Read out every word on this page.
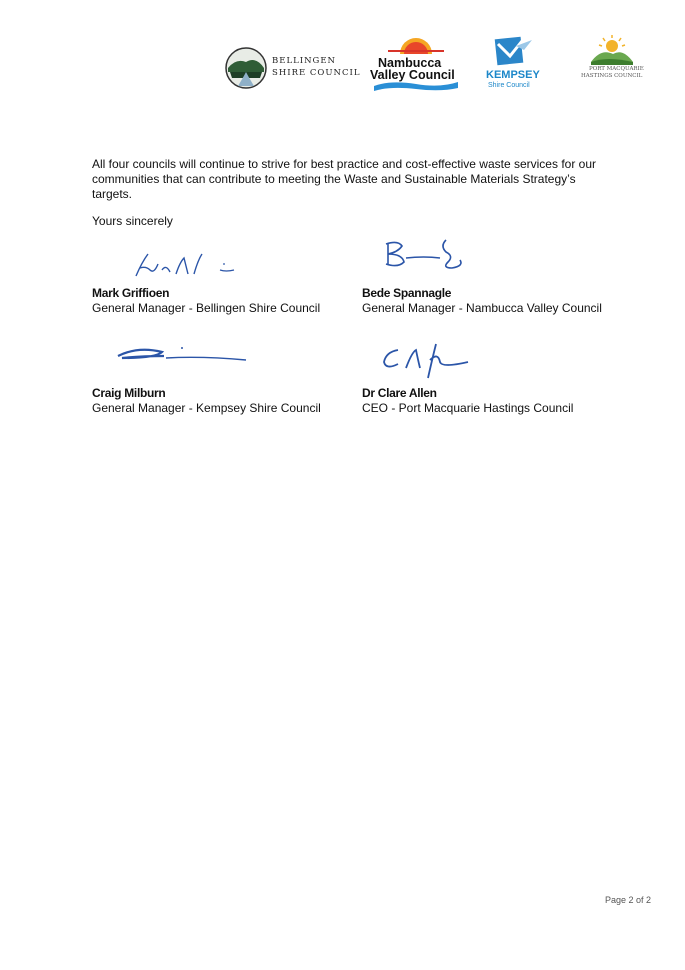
BELLINGEN
SHIRE COUNCIL
Nambucca
Valley Council	KEMPSEY
Shire Council
PORT MACQUARIE
HASTINGS COUNCIL

All four councils will continue to strive for best practice and cost-effective waste services for our communities that can contribute to meeting the Waste and Sustainable Materials Strategy’s targets.

Yours sincerely

Mark Griffioen
General Manager - Bellingen Shire Council
Bede Spannagle
General Manager - Nambucca Valley Council
Craig Milburn
General Manager - Kempsey Shire Council
Dr Clare Allen
CEO - Port Macquarie Hastings Council
Page 2 of 2
